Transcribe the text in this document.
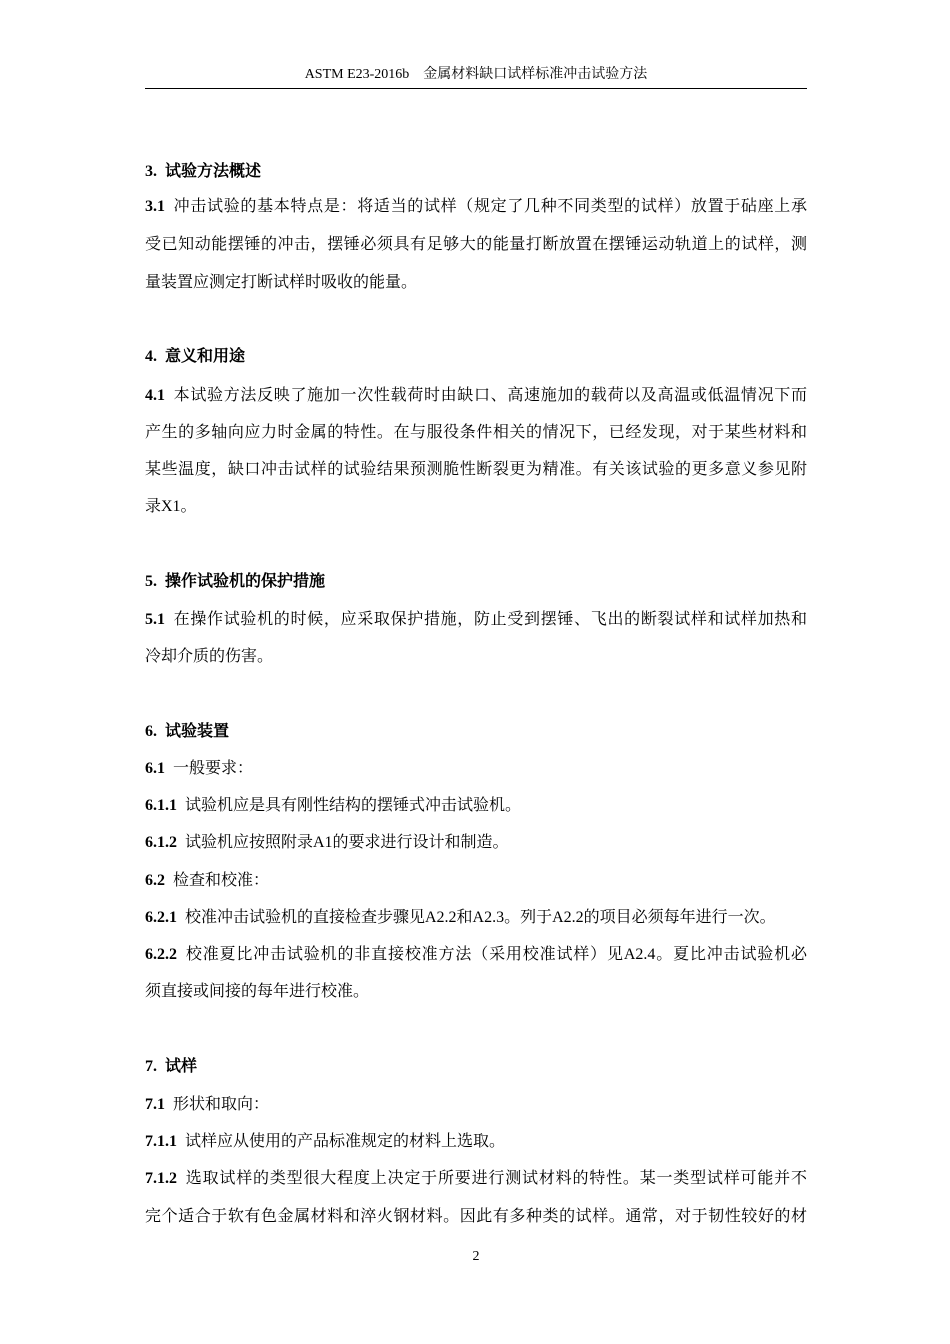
ASTM E23-2016b　金属材料缺口试样标准冲击试验方法
3. 试验方法概述
3.1 冲击试验的基本特点是：将适当的试样（规定了几种不同类型的试样）放置于砧座上承
受已知动能摆锤的冲击，摆锤必须具有足够大的能量打断放置在摆锤运动轨道上的试样，测
量装置应测定打断试样时吸收的能量。
4. 意义和用途
4.1 本试验方法反映了施加一次性载荷时由缺口、高速施加的载荷以及高温或低温情况下而
产生的多轴向应力时金属的特性。在与服役条件相关的情况下，已经发现，对于某些材料和
某些温度，缺口冲击试样的试验结果预测脆性断裂更为精准。有关该试验的更多意义参见附
录X1。
5. 操作试验机的保护措施
5.1 在操作试验机的时候，应采取保护措施，防止受到摆锤、飞出的断裂试样和试样加热和
冷却介质的伤害。
6. 试验装置
6.1 一般要求：
6.1.1 试验机应是具有刚性结构的摆锤式冲击试验机。
6.1.2 试验机应按照附录A1的要求进行设计和制造。
6.2 检查和校准：
6.2.1 校准冲击试验机的直接检查步骤见A2.2和A2.3。列于A2.2的项目必须每年进行一次。
6.2.2 校准夏比冲击试验机的非直接校准方法（采用校准试样）见A2.4。夏比冲击试验机必
须直接或间接的每年进行校准。
7. 试样
7.1 形状和取向：
7.1.1 试样应从使用的产品标准规定的材料上选取。
7.1.2 选取试样的类型很大程度上决定于所要进行测试材料的特性。某一类型试样可能并不
完个适合于软有色金属材料和淬火钢材料。因此有多种类的试样。通常，对于韧性较好的材
2
